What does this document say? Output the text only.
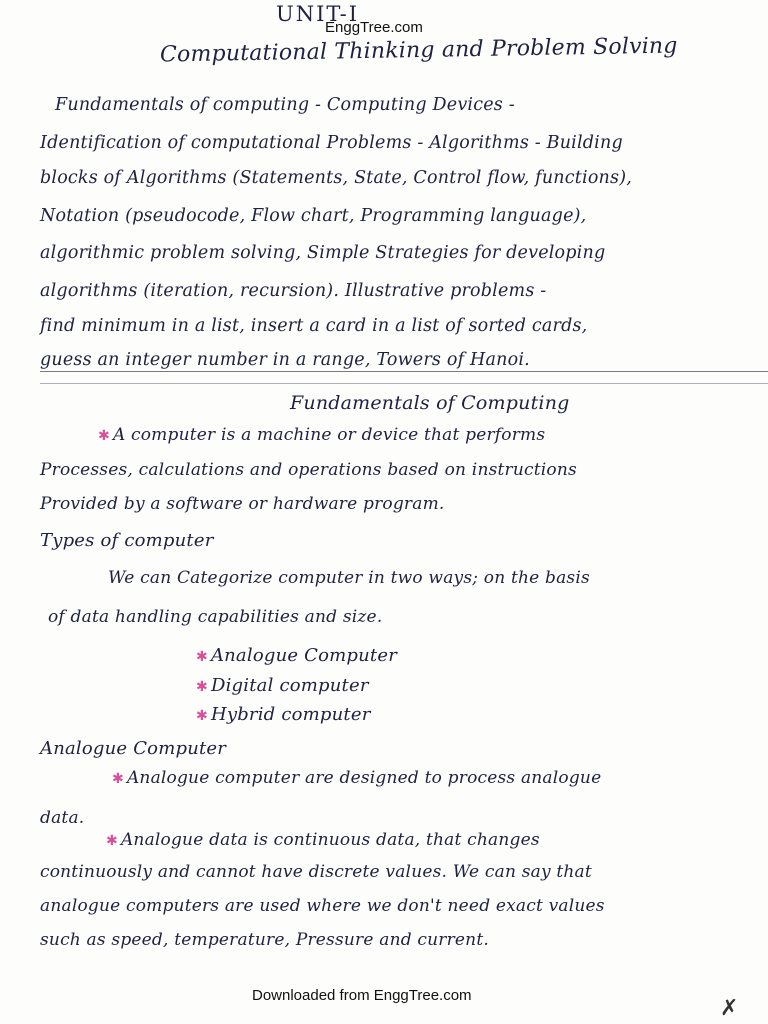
EnggTree.com
UNIT-I
Computational Thinking and Problem Solving
Fundamentals of computing - Computing Devices -
Identification of computational Problems - Algorithms - Building
blocks of Algorithms (Statements, State, Control flow, functions),
Notation (pseudocode, Flow chart, Programming language),
algorithmic problem solving, Simple Strategies for developing
algorithms (iteration, recursion). Illustrative problems -
find minimum in a list, insert a card in a list of sorted cards,
guess an integer number in a range, Towers of Hanoi.
Fundamentals of Computing
✱ A computer is a machine or device that performs
Processes, calculations and operations based on instructions
Provided by a software or hardware program.
Types of computer
We can Categorize computer in two ways; on the basis
of data handling capabilities and size.
✱ Analogue Computer
✱ Digital computer
✱ Hybrid computer
Analogue Computer
✱ Analogue computer are designed to process analogue
data.
✱ Analogue data is continuous data, that changes
continuously and cannot have discrete values. We can say that
analogue computers are used where we don't need exact values
such as speed, temperature, Pressure and current.
Downloaded from EnggTree.com
✗
